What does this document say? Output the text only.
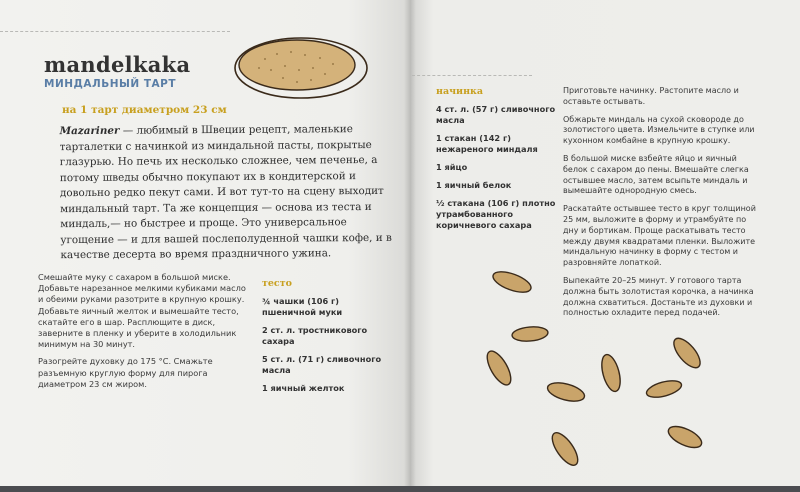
mandelkaka
МИНДАЛЬНЫЙ ТАРТ
на 1 тарт диаметром 23 см
Mazariner — любимый в Швеции рецепт, маленькие тарталетки с начинкой из миндальной пасты, покрытые глазурью. Но печь их несколько сложнее, чем печенье, а потому шведы обычно покупают их в кондитерской и довольно редко пекут сами. И вот тут-то на сцену выходит миндальный тарт. Та же концепция — основа из теста и миндаль,— но быстрее и проще. Это универсальное угощение — и для вашей послеполуденной чашки кофе, и в качестве десерта во время праздничного ужина.

Смешайте муку с сахаром в большой миске. Добавьте нарезанное мелкими кубиками масло и обеими руками разотрите в крупную крошку. Добавьте яичный желток и вымешайте тесто, скатайте его в шар. Расплющите в диск, заверните в пленку и уберите в холодильник минимум на 30 минут.

Разогрейте духовку до 175 °С. Смажьте разъемную круглую форму для пирога диаметром 23 см жиром.

тесто
¾ чашки (106 г) пшеничной муки
2 ст. л. тростникового сахара
5 ст. л. (71 г) сливочного масла
1 яичный желток
начинка
4 ст. л. (57 г) сливочного масла
1 стакан (142 г) нежареного миндаля
1 яйцо
1 яичный белок
½ стакана (106 г) плотно утрамбованного коричневого сахара

Приготовьте начинку. Растопите масло и оставьте остывать.

Обжарьте миндаль на сухой сковороде до золотистого цвета. Измельчите в ступке или кухонном комбайне в крупную крошку.

В большой миске взбейте яйцо и яичный белок с сахаром до пены. Вмешайте слегка остывшее масло, затем всыпьте миндаль и вымешайте однородную смесь.

Раскатайте остывшее тесто в круг толщиной 25 мм, выложите в форму и утрамбуйте по дну и бортикам. Проще раскатывать тесто между двумя квадратами пленки. Выложите миндальную начинку в форму с тестом и разровняйте лопаткой.

Выпекайте 20–25 минут. У готового тарта должна быть золотистая корочка, а начинка должна схватиться. Достаньте из духовки и полностью охладите перед подачей.
